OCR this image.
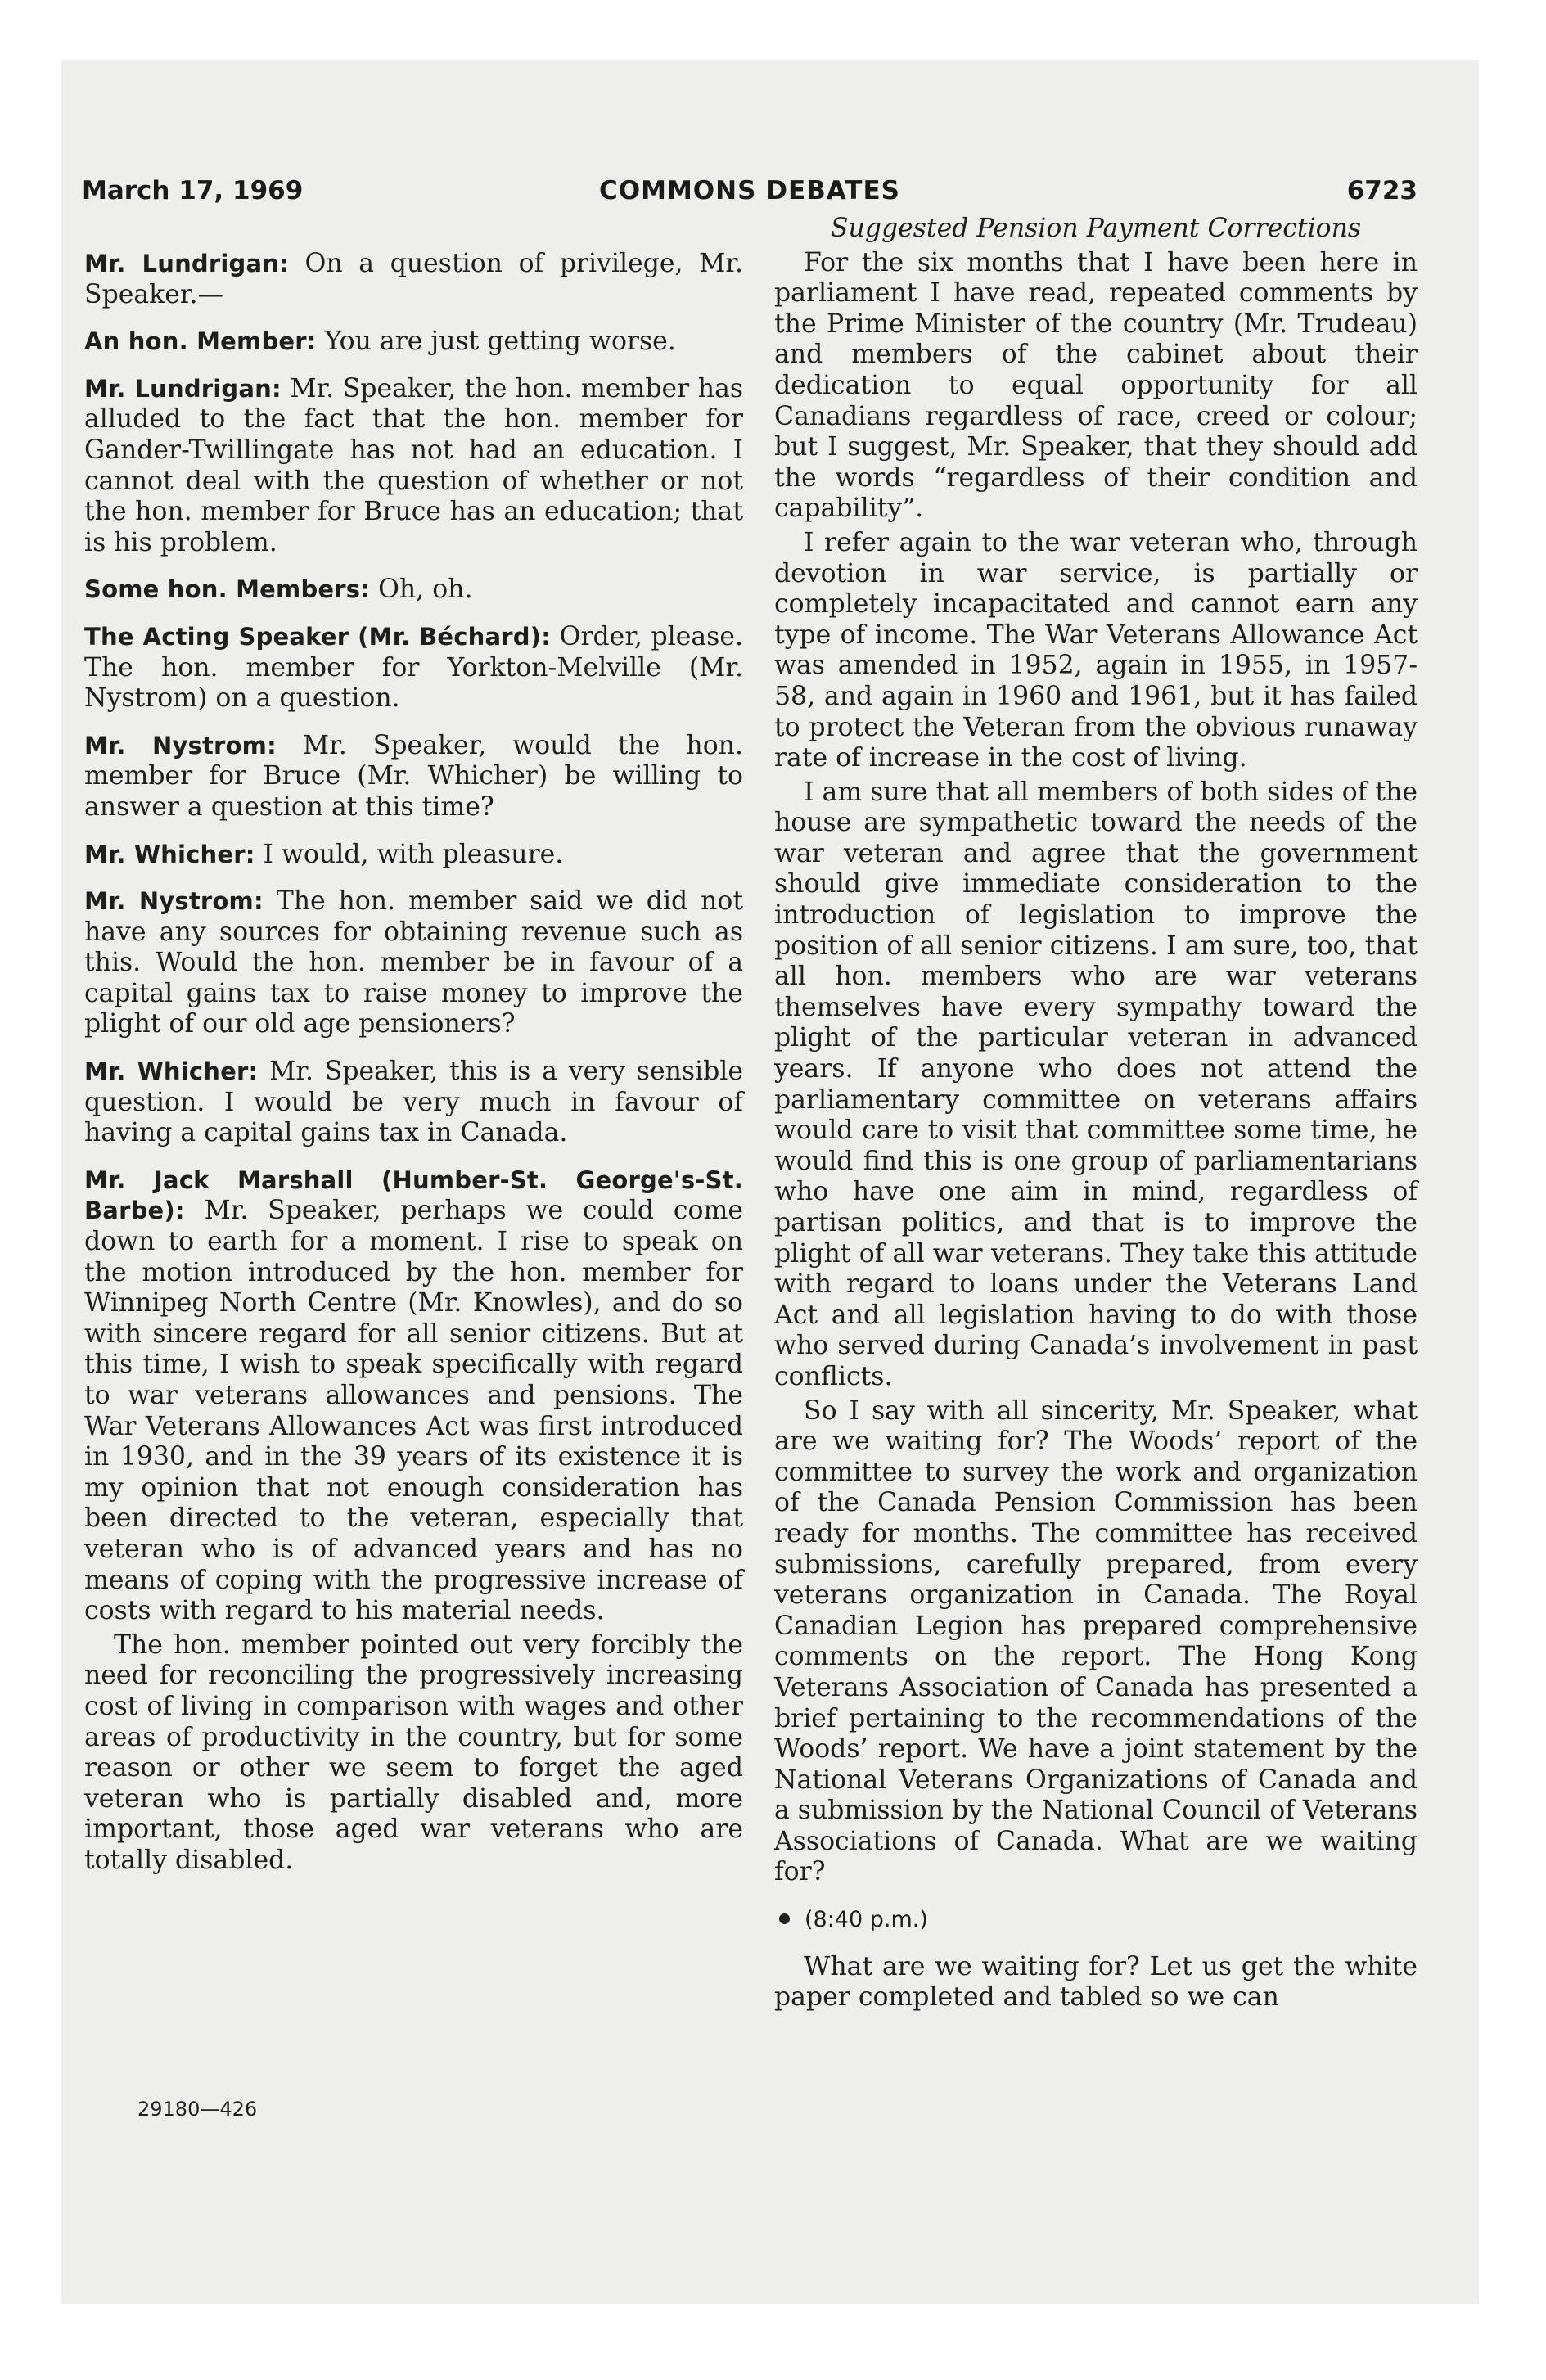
March 17, 1969	COMMONS DEBATES	6723

Mr. Lundrigan: On a question of privilege, Mr. Speaker.—

An hon. Member: You are just getting worse.

Mr. Lundrigan: Mr. Speaker, the hon. member has alluded to the fact that the hon. member for Gander-Twillingate has not had an education. I cannot deal with the question of whether or not the hon. member for Bruce has an education; that is his problem.

Some hon. Members: Oh, oh.

The Acting Speaker (Mr. Béchard): Order, please. The hon. member for Yorkton-Melville (Mr. Nystrom) on a question.

Mr. Nystrom: Mr. Speaker, would the hon. member for Bruce (Mr. Whicher) be willing to answer a question at this time?

Mr. Whicher: I would, with pleasure.

Mr. Nystrom: The hon. member said we did not have any sources for obtaining revenue such as this. Would the hon. member be in favour of a capital gains tax to raise money to improve the plight of our old age pensioners?

Mr. Whicher: Mr. Speaker, this is a very sensible question. I would be very much in favour of having a capital gains tax in Canada.

Mr. Jack Marshall (Humber-St. George's-St. Barbe): Mr. Speaker, perhaps we could come down to earth for a moment. I rise to speak on the motion introduced by the hon. member for Winnipeg North Centre (Mr. Knowles), and do so with sincere regard for all senior citizens. But at this time, I wish to speak specifically with regard to war veterans allowances and pensions. The War Veterans Allowances Act was first introduced in 1930, and in the 39 years of its existence it is my opinion that not enough consideration has been directed to the veteran, especially that veteran who is of advanced years and has no means of coping with the progressive increase of costs with regard to his material needs.

The hon. member pointed out very forcibly the need for reconciling the progressively increasing cost of living in comparison with wages and other areas of productivity in the country, but for some reason or other we seem to forget the aged veteran who is partially disabled and, more important, those aged war veterans who are totally disabled.

29180—426

Suggested Pension Payment Corrections

For the six months that I have been here in parliament I have read, repeated comments by the Prime Minister of the country (Mr. Trudeau) and members of the cabinet about their dedication to equal opportunity for all Canadians regardless of race, creed or colour; but I suggest, Mr. Speaker, that they should add the words “regardless of their condition and capability”.

I refer again to the war veteran who, through devotion in war service, is partially or completely incapacitated and cannot earn any type of income. The War Veterans Allowance Act was amended in 1952, again in 1955, in 1957-58, and again in 1960 and 1961, but it has failed to protect the Veteran from the obvious runaway rate of increase in the cost of living.

I am sure that all members of both sides of the house are sympathetic toward the needs of the war veteran and agree that the government should give immediate consideration to the introduction of legislation to improve the position of all senior citizens. I am sure, too, that all hon. members who are war veterans themselves have every sympathy toward the plight of the particular veteran in advanced years. If anyone who does not attend the parliamentary committee on veterans affairs would care to visit that committee some time, he would find this is one group of parliamentarians who have one aim in mind, regardless of partisan politics, and that is to improve the plight of all war veterans. They take this attitude with regard to loans under the Veterans Land Act and all legislation having to do with those who served during Canada’s involvement in past conflicts.

So I say with all sincerity, Mr. Speaker, what are we waiting for? The Woods’ report of the committee to survey the work and organization of the Canada Pension Commission has been ready for months. The committee has received submissions, carefully prepared, from every veterans organization in Canada. The Royal Canadian Legion has prepared comprehensive comments on the report. The Hong Kong Veterans Association of Canada has presented a brief pertaining to the recommendations of the Woods’ report. We have a joint statement by the National Veterans Organizations of Canada and a submission by the National Council of Veterans Associations of Canada. What are we waiting for?

(8:40 p.m.)

What are we waiting for? Let us get the white paper completed and tabled so we can
